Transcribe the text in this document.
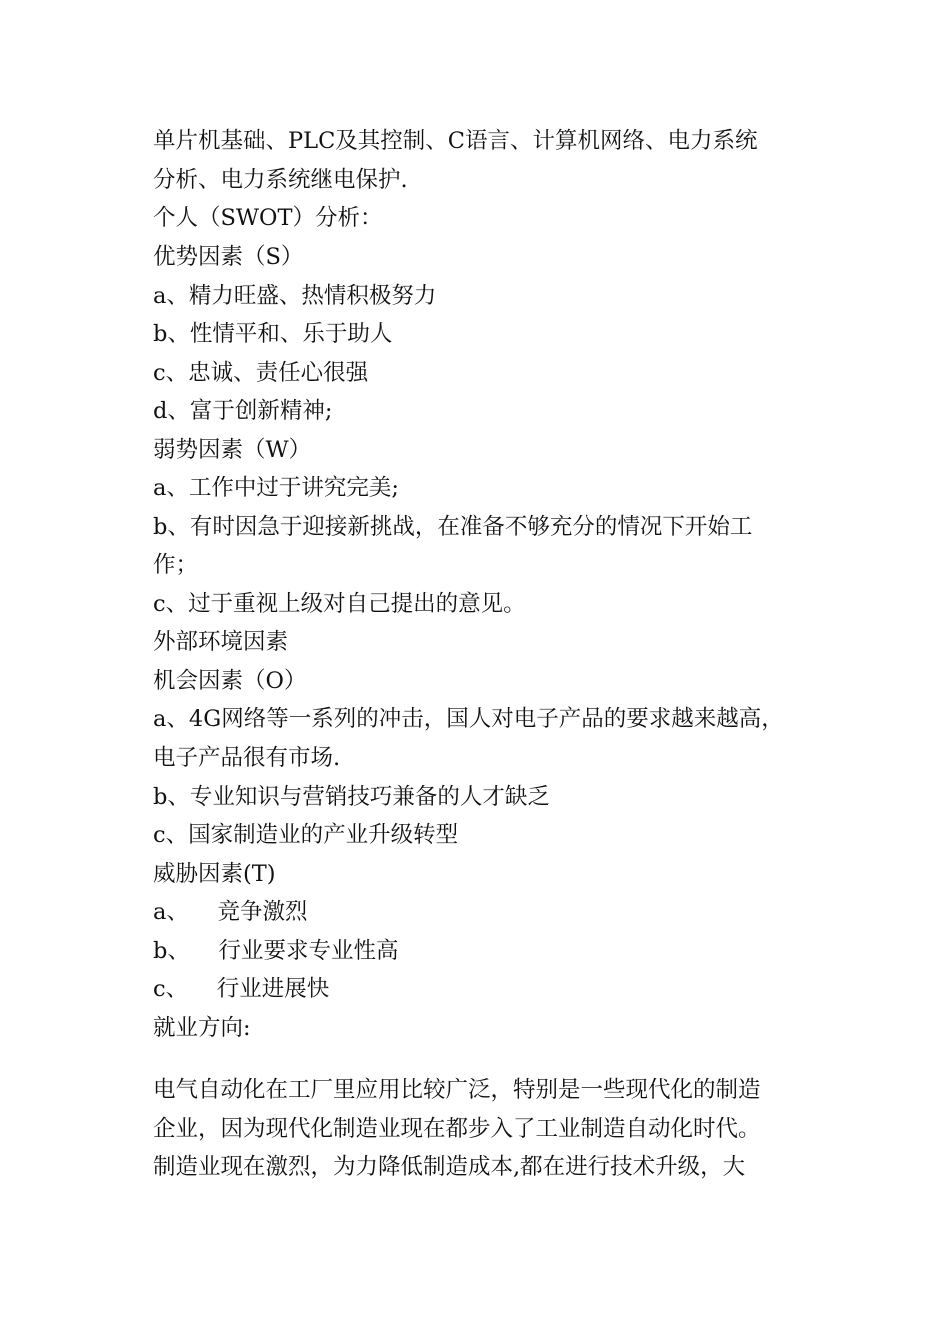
单片机基础、PLC及其控制、C语言、计算机网络、电力系统
分析、电力系统继电保护.
个人（SWOT）分析：
优势因素（S）
a、精力旺盛、热情积极努力
b、性情平和、乐于助人
c、忠诚、责任心很强
d、富于创新精神;
弱势因素（W）
a、工作中过于讲究完美;
b、有时因急于迎接新挑战，在准备不够充分的情况下开始工
作；
c、过于重视上级对自己提出的意见。
外部环境因素
机会因素（O）
a、4G网络等一系列的冲击，国人对电子产品的要求越来越高，
电子产品很有市场.
b、专业知识与营销技巧兼备的人才缺乏
c、国家制造业的产业升级转型
威胁因素(T)
a、    竞争激烈
b、    行业要求专业性高
c、    行业进展快
就业方向:
电气自动化在工厂里应用比较广泛，特别是一些现代化的制造
企业，因为现代化制造业现在都步入了工业制造自动化时代。
制造业现在激烈，为力降低制造成本,都在进行技术升级，大
